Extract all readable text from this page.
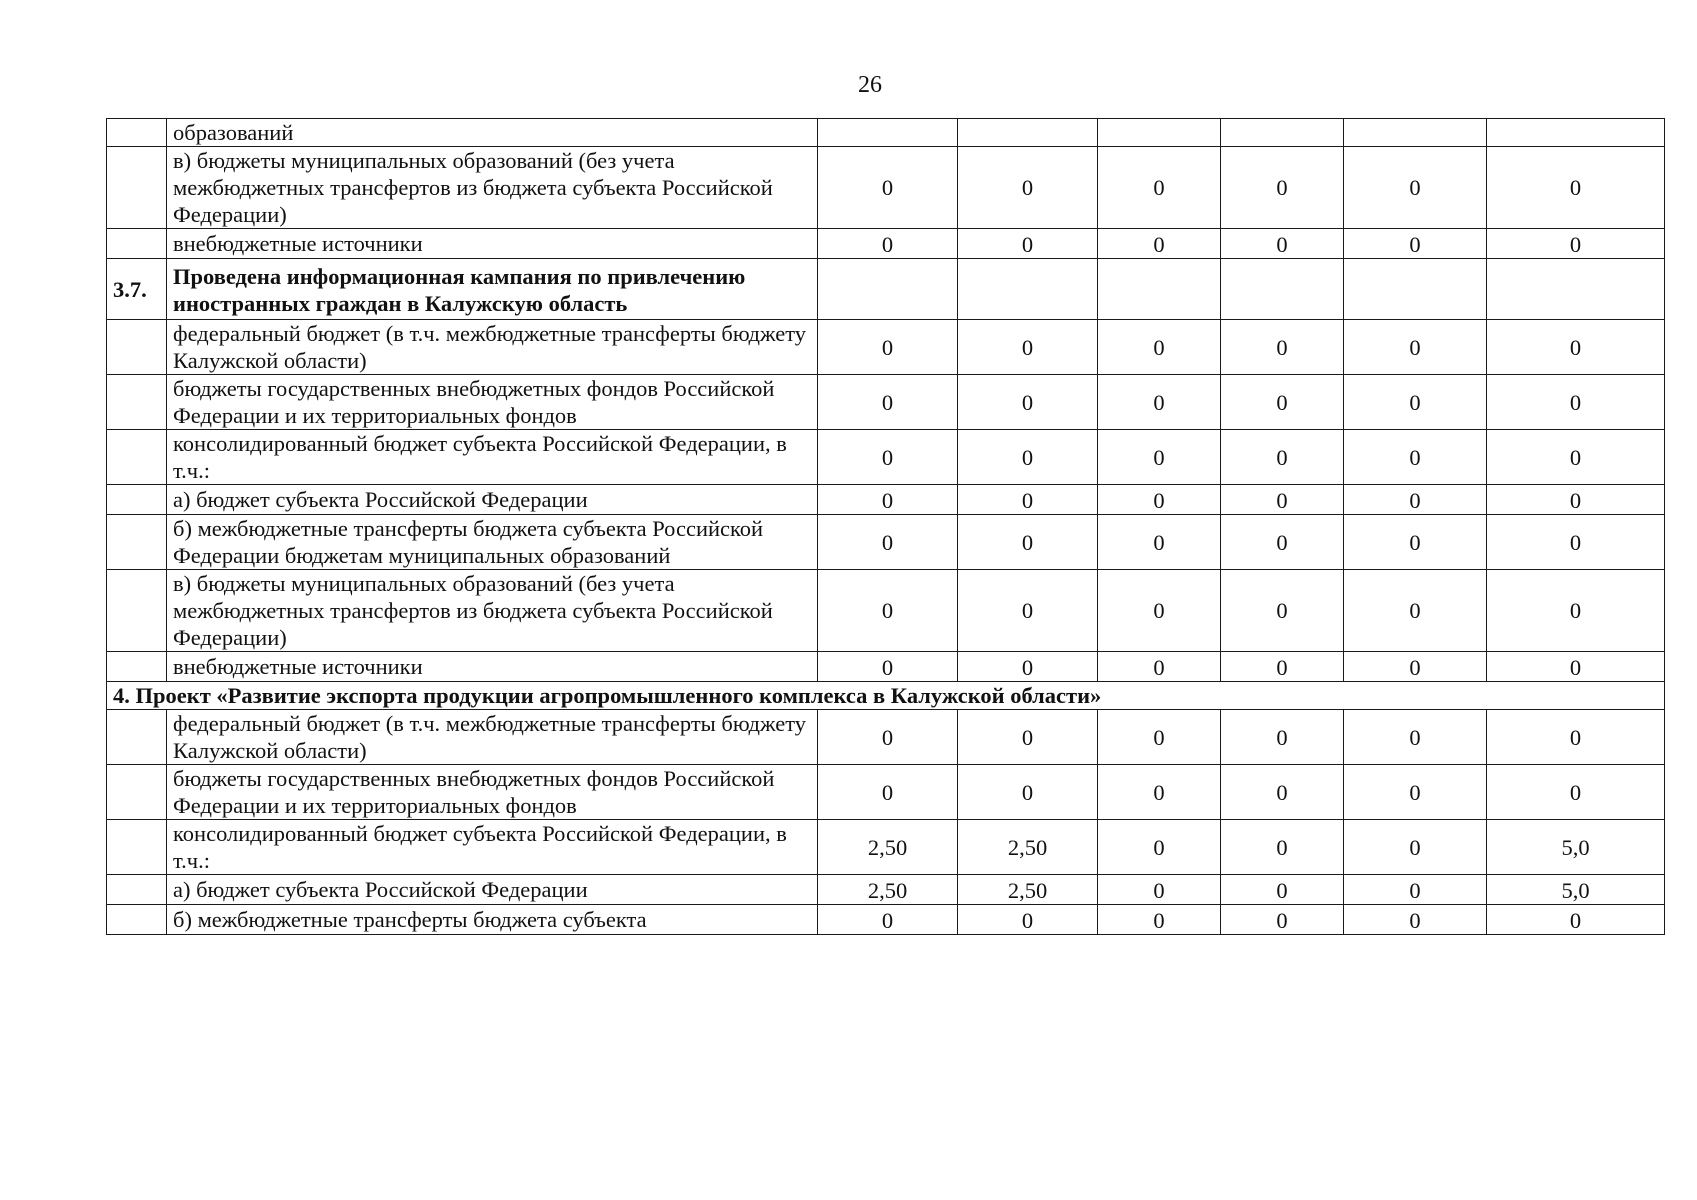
26
	образований						
	в) бюджеты муниципальных образований (без учета межбюджетных трансфертов из бюджета субъекта Российской Федерации)	0	0	0	0	0	0
	внебюджетные источники	0	0	0	0	0	0
3.7.	Проведена информационная кампания по привлечению иностранных граждан в Калужскую область						
	федеральный бюджет (в т.ч. межбюджетные трансферты бюджету Калужской области)	0	0	0	0	0	0
	бюджеты государственных внебюджетных фондов Российской Федерации и их территориальных фондов	0	0	0	0	0	0
	консолидированный бюджет субъекта Российской Федерации, в т.ч.:	0	0	0	0	0	0
	а) бюджет субъекта Российской Федерации	0	0	0	0	0	0
	б) межбюджетные трансферты бюджета субъекта Российской Федерации бюджетам муниципальных образований	0	0	0	0	0	0
	в) бюджеты муниципальных образований (без учета межбюджетных трансфертов из бюджета субъекта Российской Федерации)	0	0	0	0	0	0
	внебюджетные источники	0	0	0	0	0	0
4. Проект «Развитие экспорта продукции агропромышленного комплекса в Калужской области»							
	федеральный бюджет (в т.ч. межбюджетные трансферты бюджету Калужской области)	0	0	0	0	0	0
	бюджеты государственных внебюджетных фондов Российской Федерации и их территориальных фондов	0	0	0	0	0	0
	консолидированный бюджет субъекта Российской Федерации, в т.ч.:	2,50	2,50	0	0	0	5,0
	а) бюджет субъекта Российской Федерации	2,50	2,50	0	0	0	5,0
	б) межбюджетные трансферты бюджета субъекта	0	0	0	0	0	0
